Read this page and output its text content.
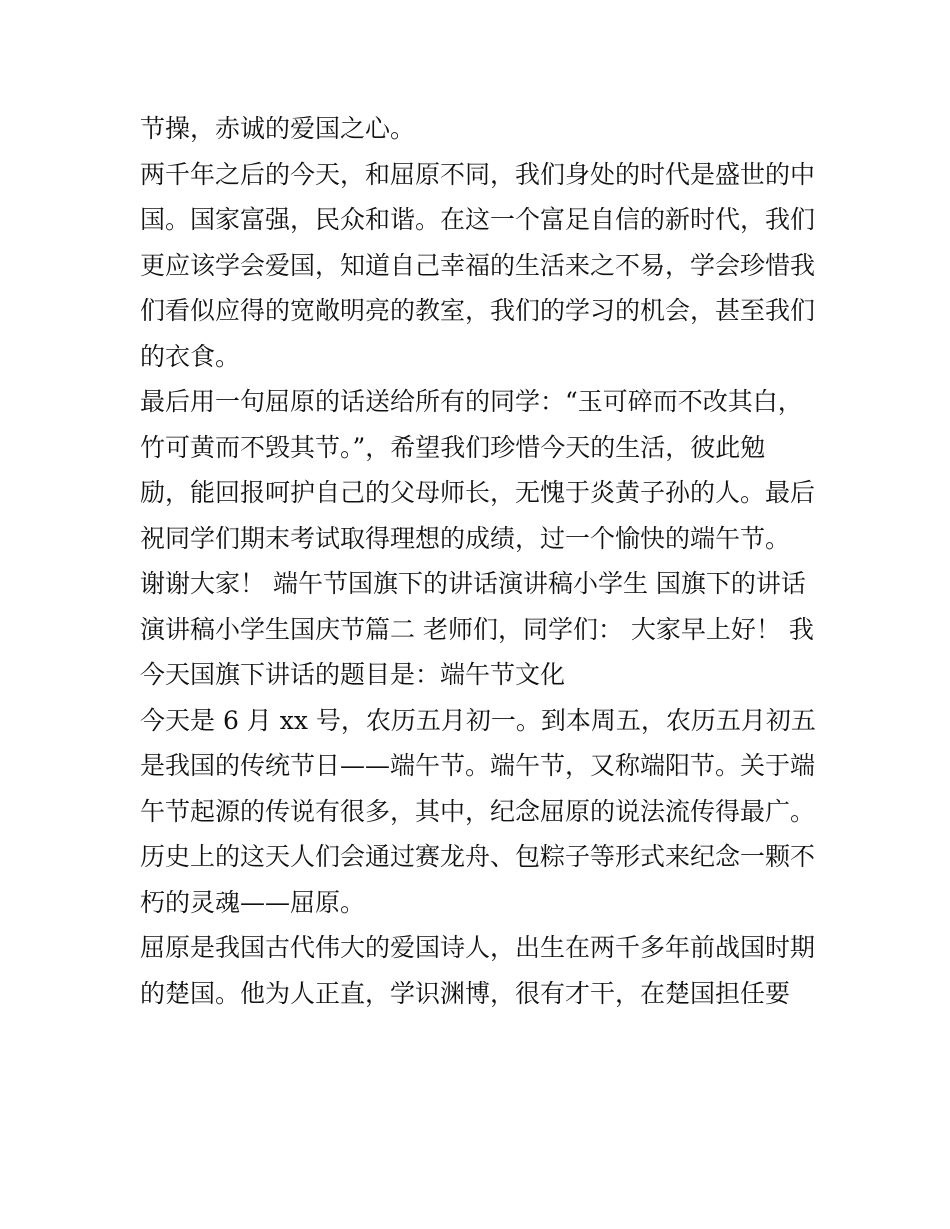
节操，赤诚的爱国之心。
两千年之后的今天，和屈原不同，我们身处的时代是盛世的中
国。国家富强，民众和谐。在这一个富足自信的新时代，我们
更应该学会爱国，知道自己幸福的生活来之不易，学会珍惜我
们看似应得的宽敞明亮的教室，我们的学习的机会，甚至我们
的衣食。
最后用一句屈原的话送给所有的同学：“玉可碎而不改其白，
竹可黄而不毁其节。”，希望我们珍惜今天的生活，彼此勉
励，能回报呵护自己的父母师长，无愧于炎黄子孙的人。最后
祝同学们期末考试取得理想的成绩，过一个愉快的端午节。
谢谢大家！ 端午节国旗下的讲话演讲稿小学生 国旗下的讲话
演讲稿小学生国庆节篇二 老师们，同学们： 大家早上好！ 我
今天国旗下讲话的题目是：端午节文化
今天是 6 月 xx 号，农历五月初一。到本周五，农历五月初五
是我国的传统节日——端午节。端午节，又称端阳节。关于端
午节起源的传说有很多，其中，纪念屈原的说法流传得最广。
历史上的这天人们会通过赛龙舟、包粽子等形式来纪念一颗不
朽的灵魂——屈原。
屈原是我国古代伟大的爱国诗人，出生在两千多年前战国时期
的楚国。他为人正直，学识渊博，很有才干，在楚国担任要
